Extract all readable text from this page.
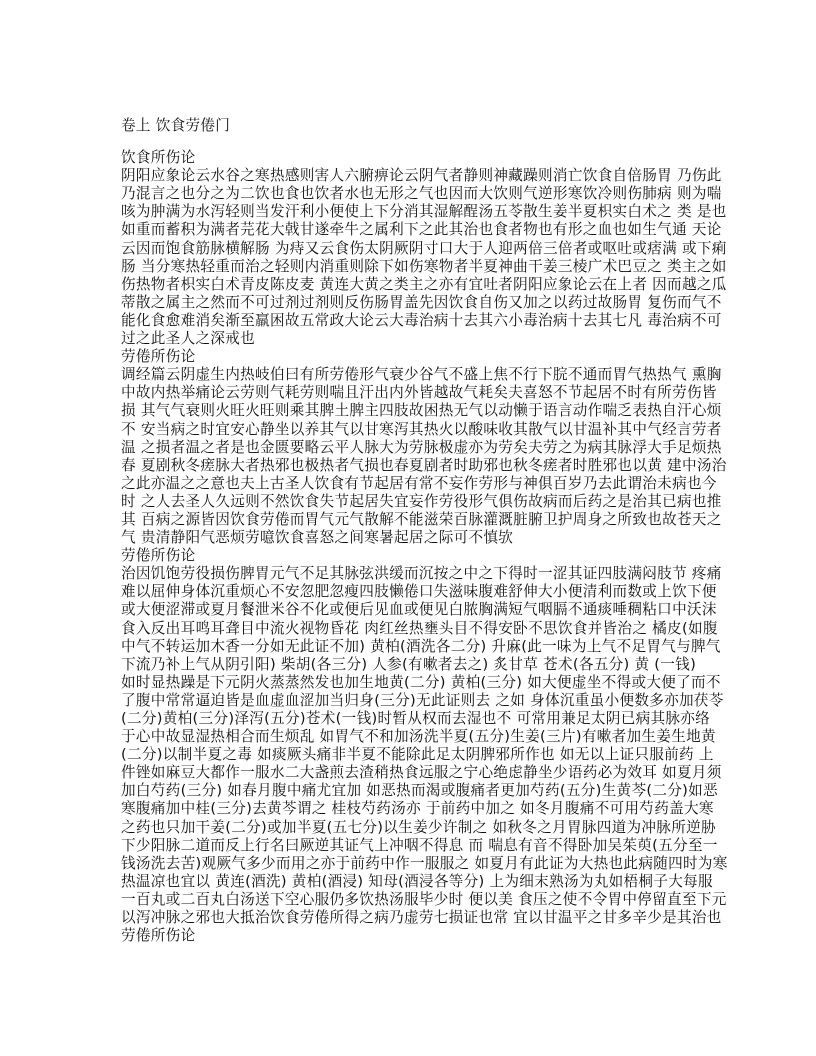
卷上 饮食劳倦门
饮食所伤论
阴阳应象论云水谷之寒热感则害人六腑痹论云阴气者静则神藏躁则消亡饮食自倍肠胃 乃伤此
乃混言之也分之为二饮也食也饮者水也无形之气也因而大饮则气逆形寒饮冷则伤肺病 则为喘
咳为肿满为水泻轻则当发汗利小便使上下分消其湿解酲汤五苓散生姜半夏枳实白术之 类 是也
如重而蓄积为满者芫花大戟甘遂牵牛之属利下之此其治也食者物也有形之血也如生气通 天论
云因而饱食筋脉横解肠 为痔又云食伤太阴厥阴寸口大于人迎两倍三倍者或呕吐或痞满 或下痢
肠 当分寒热轻重而治之轻则内消重则除下如伤寒物者半夏神曲干姜三棱广术巴豆之 类主之如
伤热物者枳实白术青皮陈皮麦 黄连大黄之类主之亦有宜吐者阴阳应象论云在上者 因而越之瓜
蒂散之属主之然而不可过剂过剂则反伤肠胃盖先因饮食自伤又加之以药过故肠胃 复伤而气不
能化食愈难消矣渐至羸困故五常政大论云大毒治病十去其六小毒治病十去其七凡 毒治病不可
过之此圣人之深戒也
劳倦所伤论
调经篇云阴虚生内热岐伯曰有所劳倦形气衰少谷气不盛上焦不行下脘不通而胃气热热气 熏胸
中故内热举痛论云劳则气耗劳则喘且汗出内外皆越故气耗矣夫喜怒不节起居不时有所劳伤皆
损 其气气衰则火旺火旺则乘其脾土脾主四肢故困热无气以动懒于语言动作喘乏表热自汗心烦
不 安当病之时宜安心静坐以养其气以甘寒泻其热火以酸味收其散气以甘温补其中气经言劳者
温 之损者温之者是也金匮要略云平人脉大为劳脉极虚亦为劳矣夫劳之为病其脉浮大手足烦热
春 夏剧秋冬瘥脉大者热邪也极热者气损也春夏剧者时助邪也秋冬瘥者时胜邪也以黄 建中汤治
之此亦温之之意也夫上古圣人饮食有节起居有常不妄作劳形与神俱百岁乃去此谓治未病也今
时 之人去圣人久远则不然饮食失节起居失宜妄作劳役形气俱伤故病而后药之是治其已病也推
其 百病之源皆因饮食劳倦而胃气元气散解不能滋荣百脉灌溉脏腑卫护周身之所致也故苍天之
气 贵清静阳气恶烦劳噫饮食喜怒之间寒暑起居之际可不慎欤
劳倦所伤论
治因饥饱劳役损伤脾胃元气不足其脉弦洪缓而沉按之中之下得时一涩其证四肢满闷肢节 疼痛
难以屈伸身体沉重烦心不安忽肥忽瘦四肢懒倦口失滋味腹难舒伸大小便清利而数或上饮下便
或大便涩滞或夏月餐泄米谷不化或便后见血或便见白脓胸满短气咽膈不通痰唾稠粘口中沃沫
食入反出耳鸣耳聋目中流火视物昏花 肉红丝热壅头目不得安卧不思饮食并皆治之 橘皮(如腹
中气不转运加木香一分如无此证不加) 黄柏(酒洗各二分) 升麻(此一味为上气不足胃气与脾气
下流乃补上气从阴引阳) 柴胡(各三分) 人参(有嗽者去之) 炙甘草 苍术(各五分) 黄 (一钱)
如时显热躁是下元阴火蒸蒸然发也加生地黄(二分) 黄柏(三分) 如大便虚坐不得或大便了而不
了腹中常常逼迫皆是血虚血涩加当归身(三分)无此证则去 之如 身体沉重虽小便数多亦加茯苓
(二分)黄柏(三分)泽泻(五分)苍术(一钱)时暂从权而去湿也不 可常用兼足太阴已病其脉亦络
于心中故显湿热相合而生烦乱 如胃气不和加汤洗半夏(五分)生姜(三片)有嗽者加生姜生地黄
(二分)以制半夏之毒 如痰厥头痛非半夏不能除此足太阴脾邪所作也 如无以上证只服前药 上
件锉如麻豆大都作一服水二大盏煎去渣稍热食远服之宁心绝虑静坐少语药必为效耳 如夏月须
加白芍药(三分) 如春月腹中痛尤宜加 如恶热而渴或腹痛者更加芍药(五分)生黄芩(二分)如恶
寒腹痛加中桂(三分)去黄芩谓之 桂枝芍药汤亦 于前药中加之 如冬月腹痛不可用芍药盖大寒
之药也只加干姜(二分)或加半夏(五七分)以生姜少许制之 如秋冬之月胃脉四道为冲脉所逆胁
下少阳脉二道而反上行名曰厥逆其证气上冲咽不得息 而 喘息有音不得卧加吴茱萸(五分至一
钱汤洗去苦)观厥气多少而用之亦于前药中作一服服之 如夏月有此证为大热也此病随四时为寒
热温凉也宜以 黄连(酒洗) 黄柏(酒浸) 知母(酒浸各等分) 上为细末熟汤为丸如梧桐子大每服
一百丸或二百丸白汤送下空心服仍多饮热汤服毕少时 便以美 食压之使不令胃中停留直至下元
以泻冲脉之邪也大抵治饮食劳倦所得之病乃虚劳七损证也常 宜以甘温平之甘多辛少是其治也
劳倦所伤论
